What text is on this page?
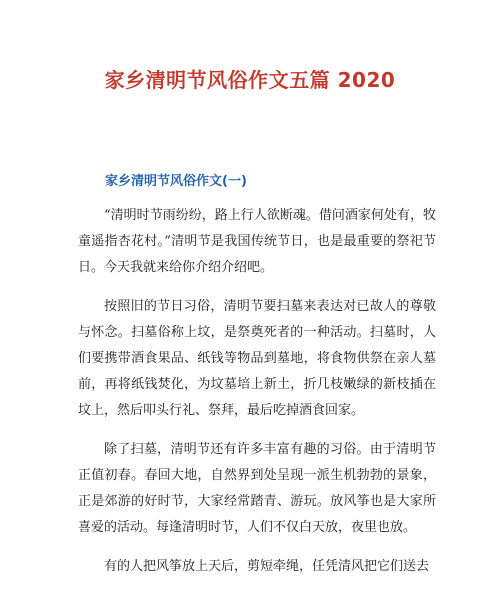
家乡清明节风俗作文五篇 2020
家乡清明节风俗作文(一)

“清明时节雨纷纷，路上行人欲断魂。借问酒家何处有，牧童遥指杏花村。”清明节是我国传统节日，也是最重要的祭祀节日。今天我就来给你介绍介绍吧。

按照旧的节日习俗，清明节要扫墓来表达对已故人的尊敬与怀念。扫墓俗称上坟，是祭奠死者的一种活动。扫墓时，人们要携带酒食果品、纸钱等物品到墓地，将食物供祭在亲人墓前，再将纸钱焚化，为坟墓培上新土，折几枝嫩绿的新枝插在坟上，然后叩头行礼、祭拜，最后吃掉酒食回家。

除了扫墓，清明节还有许多丰富有趣的习俗。由于清明节正值初春。春回大地，自然界到处呈现一派生机勃勃的景象，正是郊游的好时节，大家经常踏青、游玩。放风筝也是大家所喜爱的活动。每逢清明时节，人们不仅白天放，夜里也放。

有的人把风筝放上天后，剪短牵绳，任凭清风把它们送去
